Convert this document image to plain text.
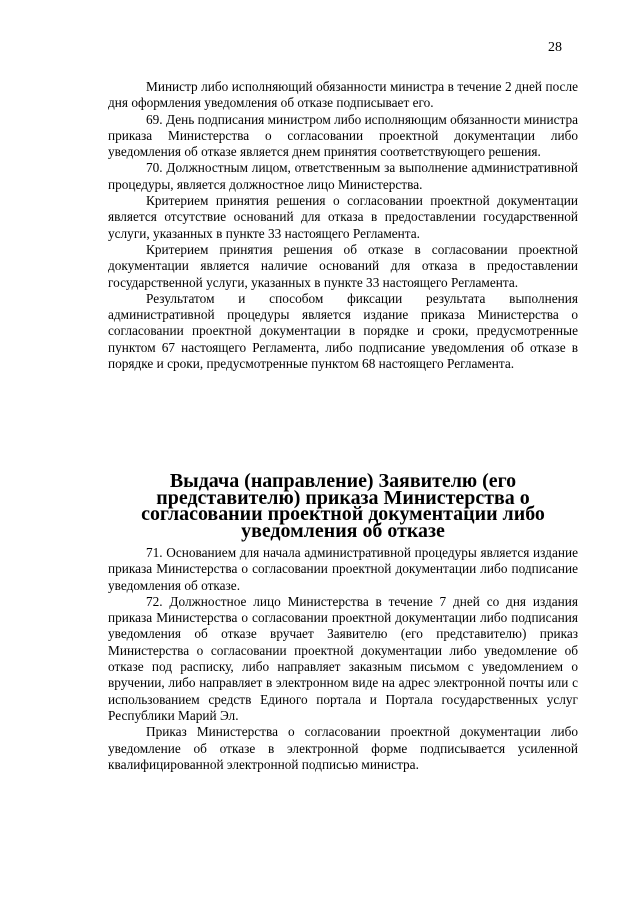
28

Министр либо исполняющий обязанности министра в течение 2 дней после дня оформления уведомления об отказе подписывает его.

69. День подписания министром либо исполняющим обязанности министра приказа Министерства о согласовании проектной документации либо уведомления об отказе является днем принятия соответствующего решения.

70. Должностным лицом, ответственным за выполнение административной процедуры, является должностное лицо Министерства.

Критерием принятия решения о согласовании проектной документации является отсутствие оснований для отказа в предоставлении государственной услуги, указанных в пункте 33 настоящего Регламента.

Критерием принятия решения об отказе в согласовании проектной документации является наличие оснований для отказа в предоставлении государственной услуги, указанных в пункте 33 настоящего Регламента.

Результатом и способом фиксации результата выполнения административной процедуры является издание приказа Министерства о согласовании проектной документации в порядке и сроки, предусмотренные пунктом 67 настоящего Регламента, либо подписание уведомления об отказе в порядке и сроки, предусмотренные пунктом 68 настоящего Регламента.

Выдача (направление) Заявителю (его представителю) приказа Министерства о согласовании проектной документации либо уведомления об отказе

71. Основанием для начала административной процедуры является издание приказа Министерства о согласовании проектной документации либо подписание уведомления об отказе.

72. Должностное лицо Министерства в течение 7 дней со дня издания приказа Министерства о согласовании проектной документации либо подписания уведомления об отказе вручает Заявителю (его представителю) приказ Министерства о согласовании проектной документации либо уведомление об отказе под расписку, либо направляет заказным письмом с уведомлением о вручении, либо направляет в электронном виде на адрес электронной почты или с использованием средств Единого портала и Портала государственных услуг Республики Марий Эл.

Приказ Министерства о согласовании проектной документации либо уведомление об отказе в электронной форме подписывается усиленной квалифицированной электронной подписью министра.
